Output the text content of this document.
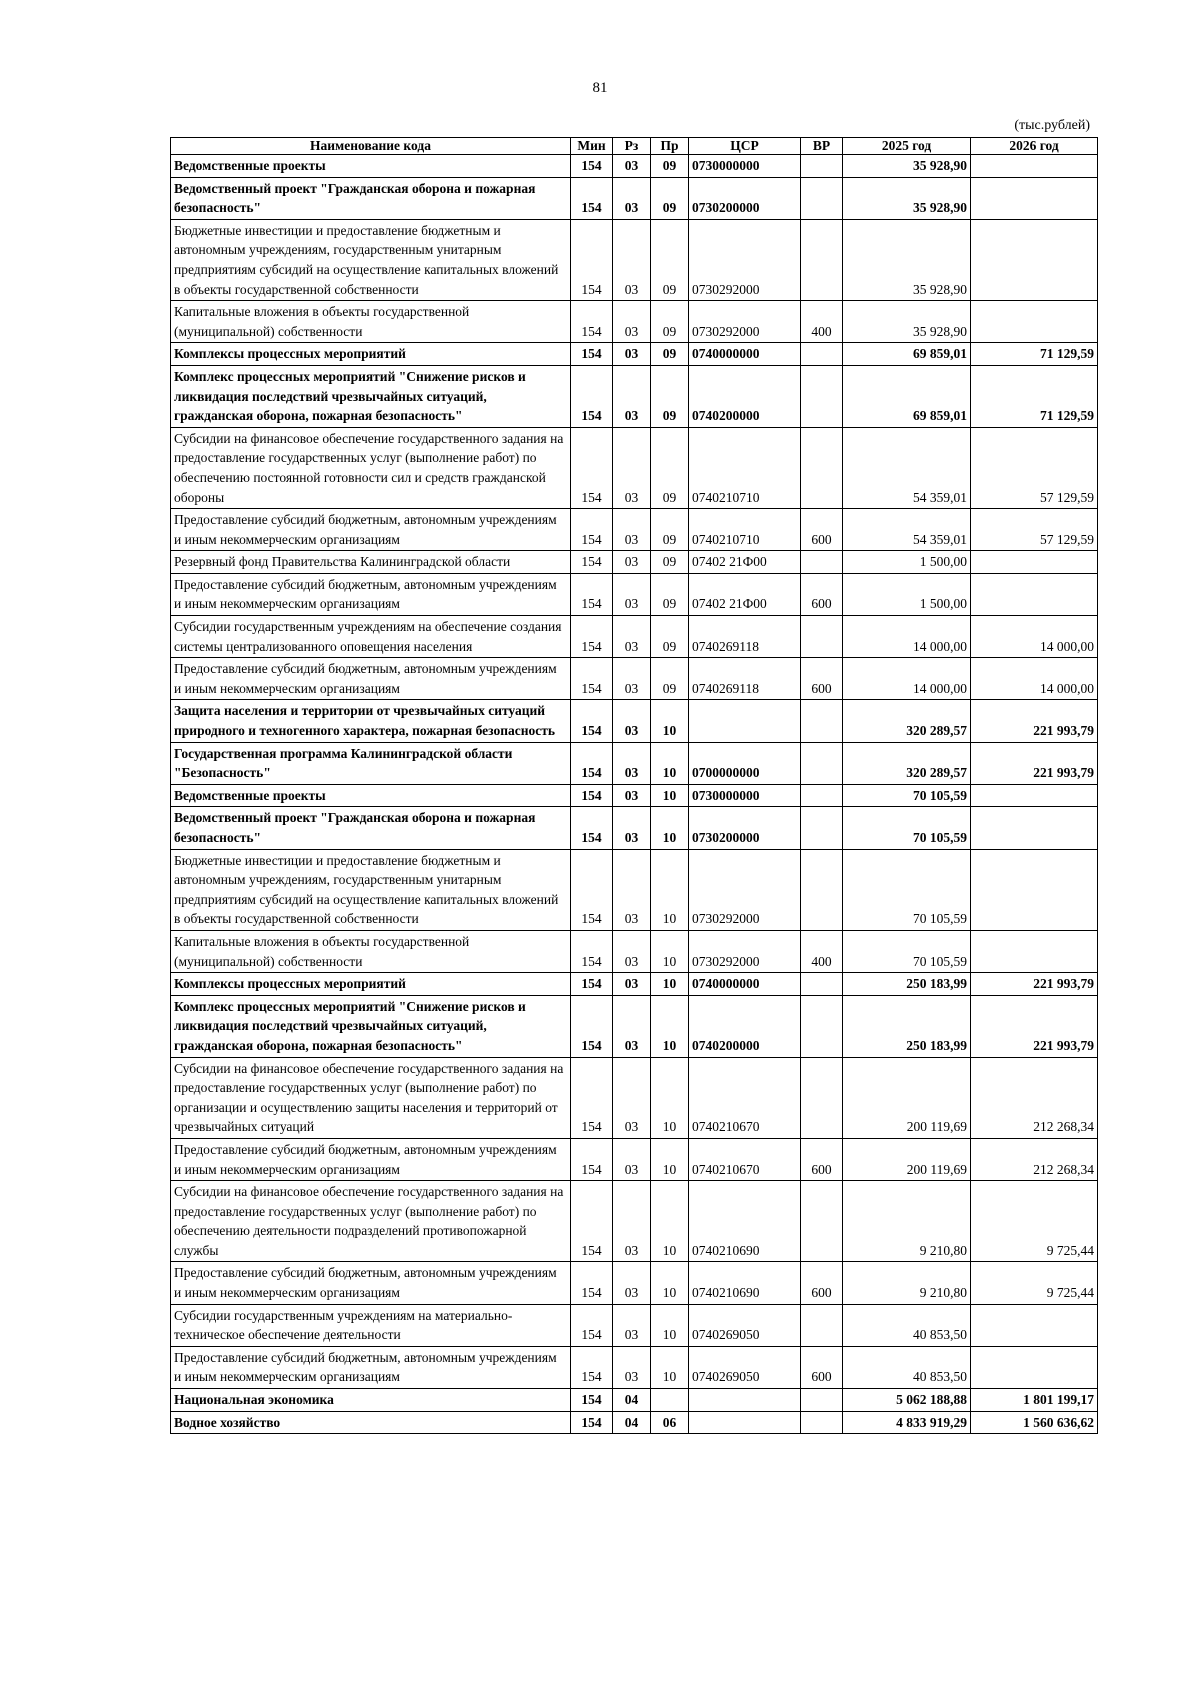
81
(тыс.рублей)
Наименование кода	Мин	Рз	Пр	ЦСР	ВР	2025 год	2026 год
Ведомственные проекты	154	03	09	0730000000		35 928,90	
Ведомственный проект "Гражданская оборона и пожарная безопасность"	154	03	09	0730200000		35 928,90	
Бюджетные инвестиции и предоставление бюджетным и автономным учреждениям, государственным унитарным предприятиям субсидий на осуществление капитальных вложений в объекты государственной собственности	154	03	09	0730292000		35 928,90	
Капитальные вложения в объекты государственной (муниципальной) собственности	154	03	09	0730292000	400	35 928,90	
Комплексы процессных мероприятий	154	03	09	0740000000		69 859,01	71 129,59
Комплекс процессных мероприятий "Снижение рисков и ликвидация последствий чрезвычайных ситуаций, гражданская оборона, пожарная безопасность"	154	03	09	0740200000		69 859,01	71 129,59
Субсидии на финансовое обеспечение государственного задания на предоставление государственных услуг (выполнение работ) по обеспечению постоянной готовности сил и средств гражданской обороны	154	03	09	0740210710		54 359,01	57 129,59
Предоставление субсидий бюджетным, автономным учреждениям и иным некоммерческим организациям	154	03	09	0740210710	600	54 359,01	57 129,59
Резервный фонд Правительства Калининградской области	154	03	09	07402 21Ф00		1 500,00	
Предоставление субсидий бюджетным, автономным учреждениям и иным некоммерческим организациям	154	03	09	07402 21Ф00	600	1 500,00	
Субсидии государственным учреждениям на обеспечение создания системы централизованного оповещения населения	154	03	09	0740269118		14 000,00	14 000,00
Предоставление субсидий бюджетным, автономным учреждениям и иным некоммерческим организациям	154	03	09	0740269118	600	14 000,00	14 000,00
Защита населения и территории от чрезвычайных ситуаций природного и техногенного характера, пожарная безопасность	154	03	10			320 289,57	221 993,79
Государственная программа Калининградской области "Безопасность"	154	03	10	0700000000		320 289,57	221 993,79
Ведомственные проекты	154	03	10	0730000000		70 105,59	
Ведомственный проект "Гражданская оборона и пожарная безопасность"	154	03	10	0730200000		70 105,59	
Бюджетные инвестиции и предоставление бюджетным и автономным учреждениям, государственным унитарным предприятиям субсидий на осуществление капитальных вложений в объекты государственной собственности	154	03	10	0730292000		70 105,59	
Капитальные вложения в объекты государственной (муниципальной) собственности	154	03	10	0730292000	400	70 105,59	
Комплексы процессных мероприятий	154	03	10	0740000000		250 183,99	221 993,79
Комплекс процессных мероприятий "Снижение рисков и ликвидация последствий чрезвычайных ситуаций, гражданская оборона, пожарная безопасность"	154	03	10	0740200000		250 183,99	221 993,79
Субсидии на финансовое обеспечение государственного задания на предоставление государственных услуг (выполнение работ) по организации и осуществлению защиты населения и территорий от чрезвычайных ситуаций	154	03	10	0740210670		200 119,69	212 268,34
Предоставление субсидий бюджетным, автономным учреждениям и иным некоммерческим организациям	154	03	10	0740210670	600	200 119,69	212 268,34
Субсидии на финансовое обеспечение государственного задания на предоставление государственных услуг (выполнение работ) по обеспечению деятельности подразделений противопожарной службы	154	03	10	0740210690		9 210,80	9 725,44
Предоставление субсидий бюджетным, автономным учреждениям и иным некоммерческим организациям	154	03	10	0740210690	600	9 210,80	9 725,44
Субсидии государственным учреждениям на материально-техническое обеспечение деятельности	154	03	10	0740269050		40 853,50	
Предоставление субсидий бюджетным, автономным учреждениям и иным некоммерческим организациям	154	03	10	0740269050	600	40 853,50	
Национальная экономика	154	04				5 062 188,88	1 801 199,17
Водное хозяйство	154	04	06			4 833 919,29	1 560 636,62
